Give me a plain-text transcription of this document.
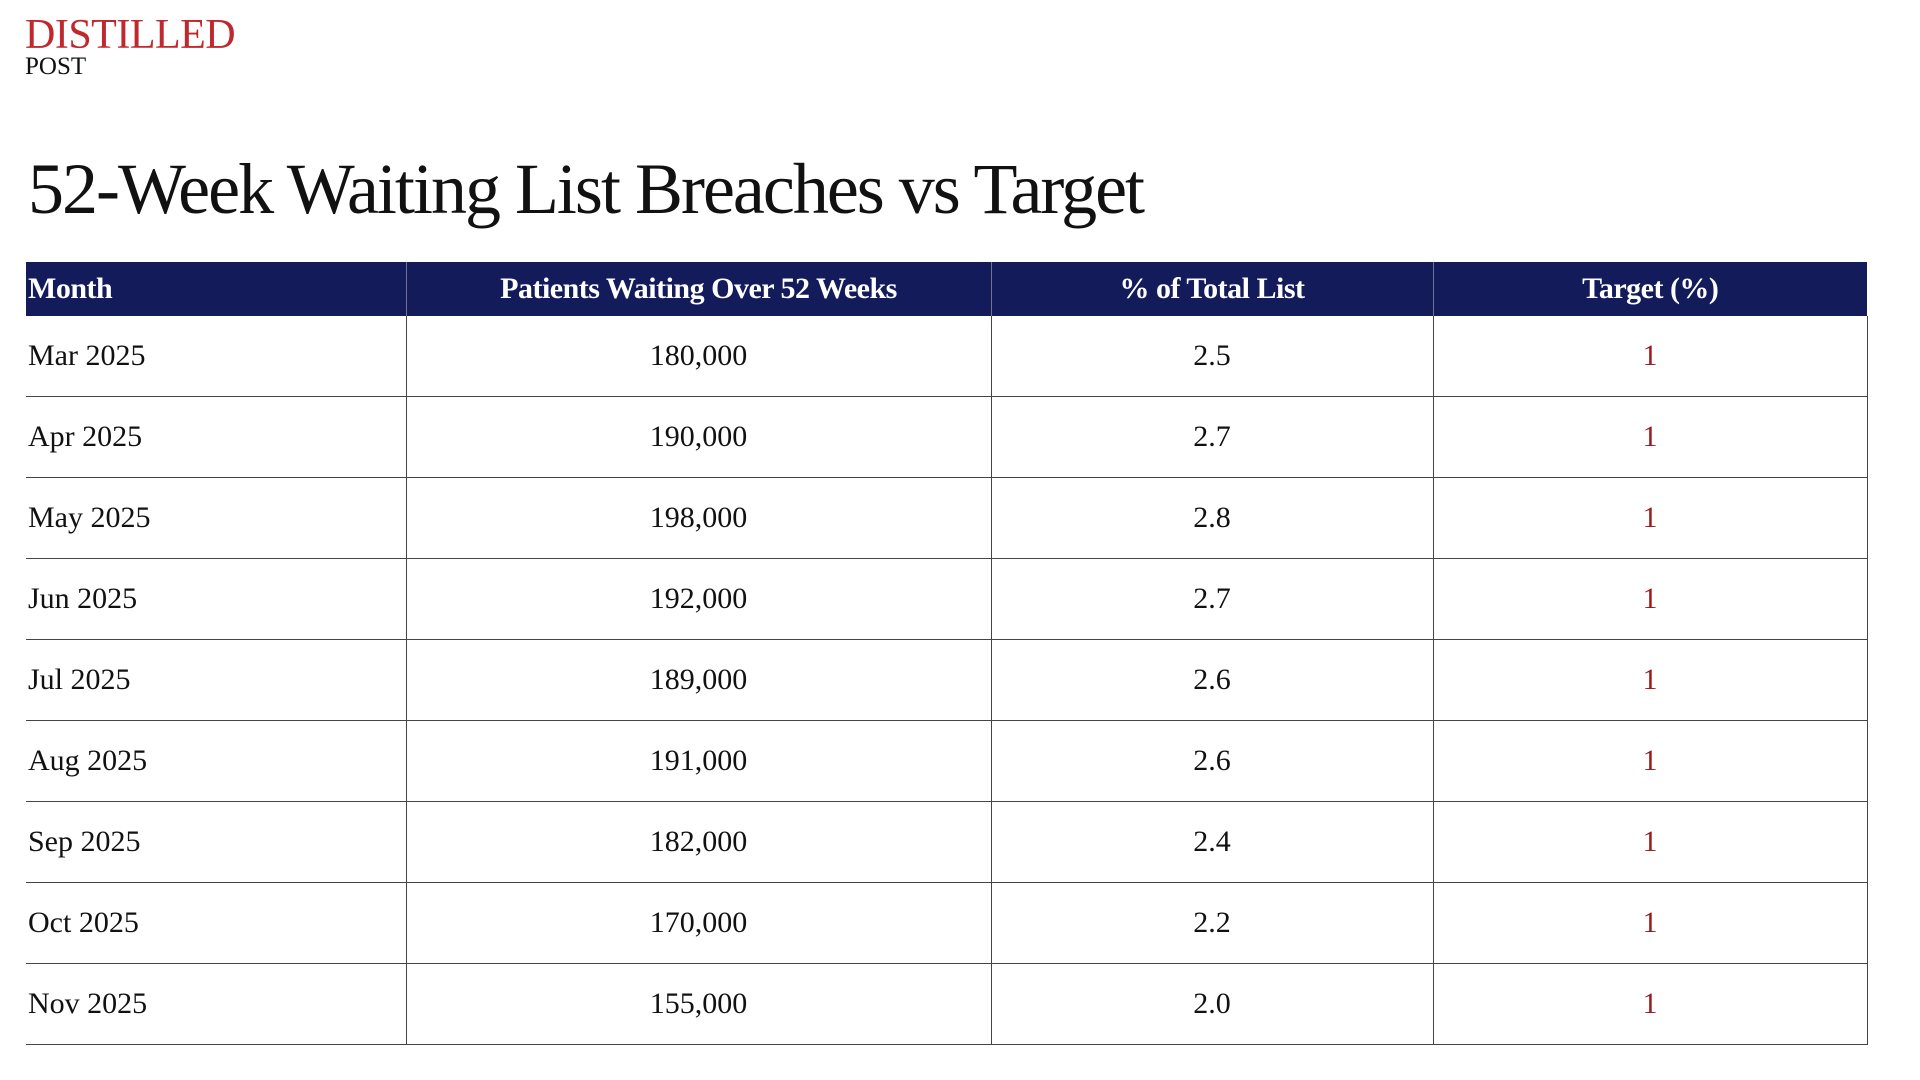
DISTILLED
POST
52-Week Waiting List Breaches vs Target
Month	Patients Waiting Over 52 Weeks	% of Total List	Target (%)
Mar 2025	180,000	2.5	1
Apr 2025	190,000	2.7	1
May 2025	198,000	2.8	1
Jun 2025	192,000	2.7	1
Jul 2025	189,000	2.6	1
Aug 2025	191,000	2.6	1
Sep 2025	182,000	2.4	1
Oct 2025	170,000	2.2	1
Nov 2025	155,000	2.0	1
